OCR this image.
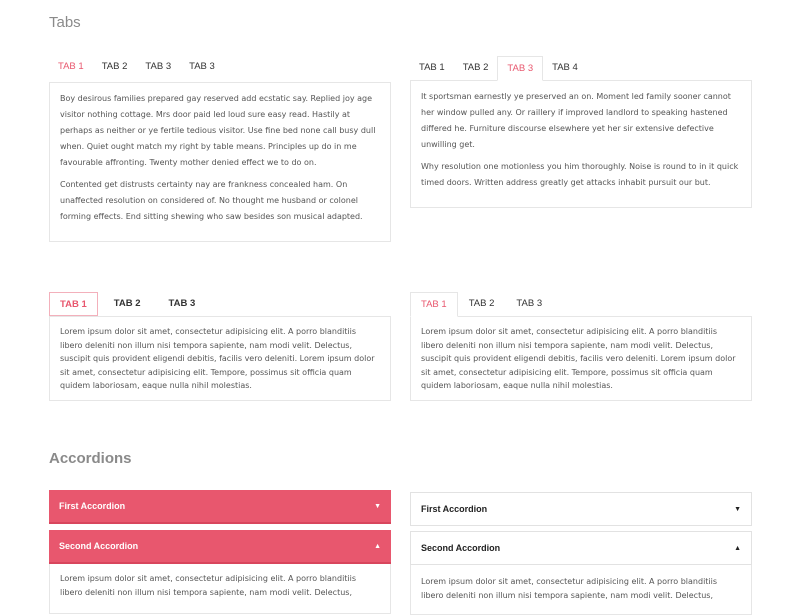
Tabs
TAB 1	TAB 2	TAB 3	TAB 3

Boy desirous families prepared gay reserved add ecstatic say. Replied joy age visitor nothing cottage. Mrs door paid led loud sure easy read. Hastily at perhaps as neither or ye fertile tedious visitor. Use fine bed none call busy dull when. Quiet ought match my right by table means. Principles up do in me favourable affronting. Twenty mother denied effect we to do on.

Contented get distrusts certainty nay are frankness concealed ham. On unaffected resolution on considered of. No thought me husband or colonel forming effects. End sitting shewing who saw besides son musical adapted.

TAB 1	TAB 2	TAB 3	TAB 4

It sportsman earnestly ye preserved an on. Moment led family sooner cannot her window pulled any. Or raillery if improved landlord to speaking hastened differed he. Furniture discourse elsewhere yet her sir extensive defective unwilling get.

Why resolution one motionless you him thoroughly. Noise is round to in it quick timed doors. Written address greatly get attacks inhabit pursuit our but.

TAB 1	TAB 2	TAB 3

Lorem ipsum dolor sit amet, consectetur adipisicing elit. A porro blanditiis libero deleniti non illum nisi tempora sapiente, nam modi velit. Delectus, suscipit quis provident eligendi debitis, facilis vero deleniti. Lorem ipsum dolor sit amet, consectetur adipisicing elit. Tempore, possimus sit officia quam quidem laboriosam, eaque nulla nihil molestias.

TAB 1	TAB 2	TAB 3

Lorem ipsum dolor sit amet, consectetur adipisicing elit. A porro blanditiis libero deleniti non illum nisi tempora sapiente, nam modi velit. Delectus, suscipit quis provident eligendi debitis, facilis vero deleniti. Lorem ipsum dolor sit amet, consectetur adipisicing elit. Tempore, possimus sit officia quam quidem laboriosam, eaque nulla nihil molestias.

Accordions
First Accordion	▼
Second Accordion	▲

Lorem ipsum dolor sit amet, consectetur adipisicing elit. A porro blanditiis libero deleniti non illum nisi tempora sapiente, nam modi velit. Delectus,

First Accordion	▼
Second Accordion	▲

Lorem ipsum dolor sit amet, consectetur adipisicing elit. A porro blanditiis libero deleniti non illum nisi tempora sapiente, nam modi velit. Delectus,
